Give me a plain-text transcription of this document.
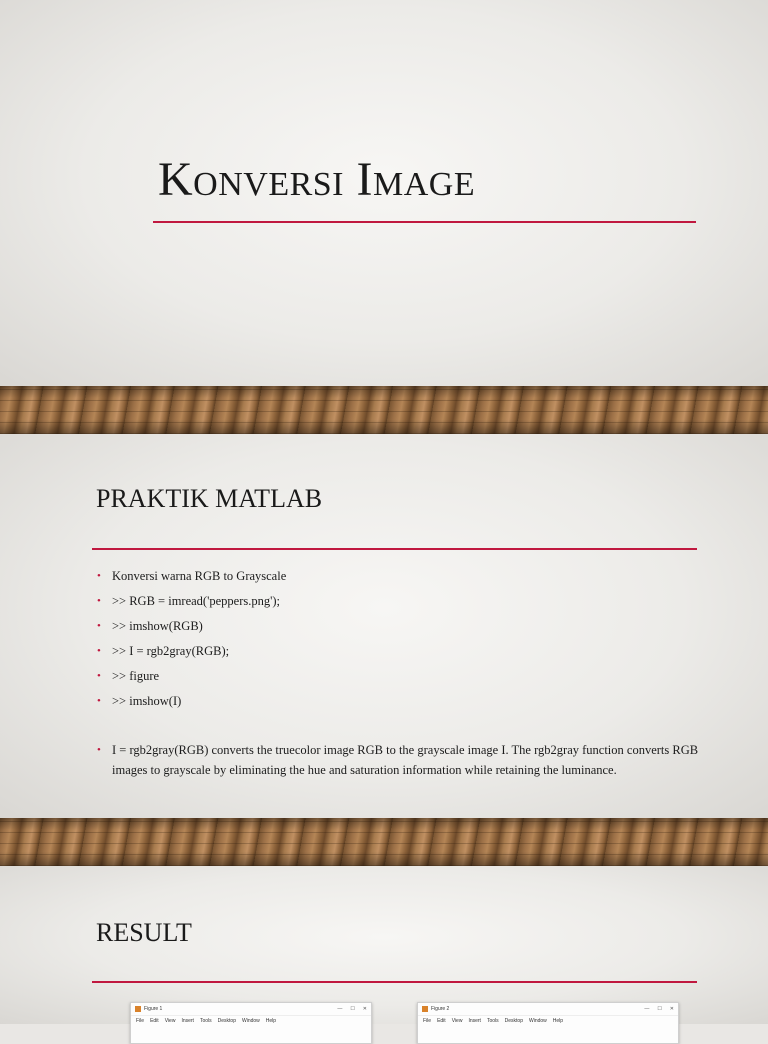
Konversi Image
PRAKTIK MATLAB
• Konversi warna RGB to Grayscale
• >> RGB = imread('peppers.png');
• >> imshow(RGB)
• >> I = rgb2gray(RGB);
• >> figure
• >> imshow(I)

• I = rgb2gray(RGB) converts the truecolor image RGB to the grayscale image I. The rgb2gray function converts RGB images to grayscale by eliminating the hue and saturation information while retaining the luminance.

RESULT
Figure 1	— ☐ ✕
File Edit View Insert Tools Desktop Window Help
Figure 2	— ☐ ✕
File Edit View Insert Tools Desktop Window Help
